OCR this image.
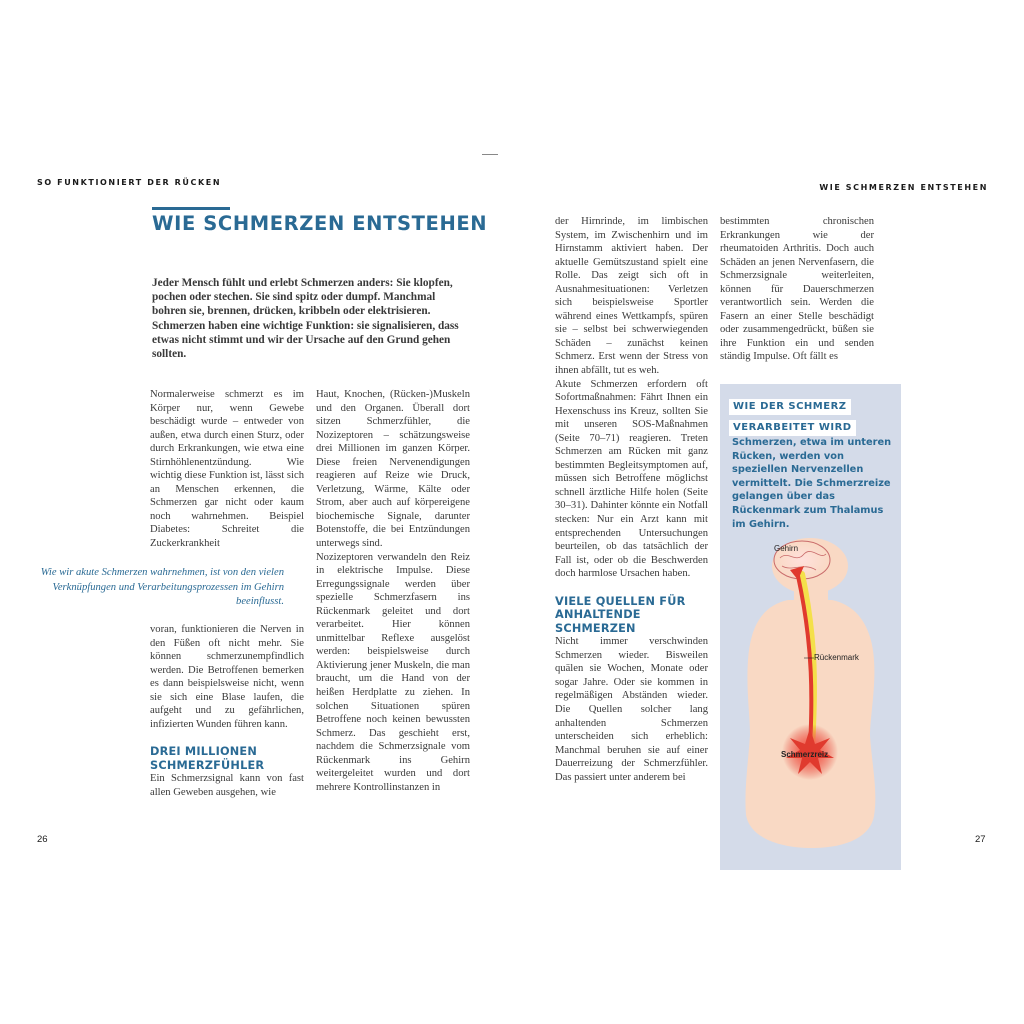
SO FUNKTIONIERT DER RÜCKEN
WIE SCHMERZEN ENTSTEHEN
Jeder Mensch fühlt und erlebt Schmerzen anders: Sie klopfen, pochen oder stechen. Sie sind spitz oder dumpf. Manchmal bohren sie, brennen, drücken, kribbeln oder elektrisieren. Schmerzen haben eine wichtige Funktion: sie signalisieren, dass etwas nicht stimmt und wir der Ursache auf den Grund gehen sollten.

Normalerweise schmerzt es im Körper nur, wenn Gewebe beschädigt wurde – entweder von außen, etwa durch einen Sturz, oder durch Erkrankungen, wie etwa eine Stirnhöhlenentzündung. Wie wichtig diese Funktion ist, lässt sich an Menschen erkennen, die Schmerzen gar nicht oder kaum noch wahrnehmen. Beispiel Diabetes: Schreitet die Zuckerkrankheit

Wie wir akute Schmerzen wahrnehmen, ist von den vielen Verknüpfungen und Verarbeitungsprozessen im Gehirn beeinflusst.

voran, funktionieren die Nerven in den Füßen oft nicht mehr. Sie können schmerzunempfindlich werden. Die Betroffenen bemerken es dann beispielsweise nicht, wenn sie sich eine Blase laufen, die aufgeht und zu gefährlichen, infizierten Wunden führen kann.

DREI MILLIONEN SCHMERZFÜHLER

Ein Schmerzsignal kann von fast allen Geweben ausgehen, wie

Haut, Knochen, (Rücken-)Muskeln und den Organen. Überall dort sitzen Schmerzfühler, die Nozizeptoren – schätzungsweise drei Millionen im ganzen Körper. Diese freien Nervenendigungen reagieren auf Reize wie Druck, Verletzung, Wärme, Kälte oder Strom, aber auch auf körpereigene biochemische Signale, darunter Botenstoffe, die bei Entzündungen unterwegs sind.

Nozizeptoren verwandeln den Reiz in elektrische Impulse. Diese Erregungssignale werden über spezielle Schmerzfasern ins Rückenmark geleitet und dort verarbeitet. Hier können unmittelbar Reflexe ausgelöst werden: beispielsweise durch Aktivierung jener Muskeln, die man braucht, um die Hand von der heißen Herdplatte zu ziehen. In solchen Situationen spüren Betroffene noch keinen bewussten Schmerz. Das geschieht erst, nachdem die Schmerzsignale vom Rückenmark ins Gehirn weitergeleitet wurden und dort mehrere Kontrollinstanzen in

26
WIE SCHMERZEN ENTSTEHEN

der Hirnrinde, im limbischen System, im Zwischenhirn und im Hirnstamm aktiviert haben. Der aktuelle Gemütszustand spielt eine Rolle. Das zeigt sich oft in Ausnahmesituationen: Verletzen sich beispielsweise Sportler während eines Wettkampfs, spüren sie – selbst bei schwerwiegenden Schäden – zunächst keinen Schmerz. Erst wenn der Stress von ihnen abfällt, tut es weh.

Akute Schmerzen erfordern oft Sofortmaßnahmen: Fährt Ihnen ein Hexenschuss ins Kreuz, sollten Sie mit unseren SOS-Maßnahmen (Seite 70–71) reagieren. Treten Schmerzen am Rücken mit ganz bestimmten Begleitsymptomen auf, müssen sich Betroffene möglichst schnell ärztliche Hilfe holen (Seite 30–31). Dahinter könnte ein Notfall stecken: Nur ein Arzt kann mit entsprechenden Untersuchungen beurteilen, ob das tatsächlich der Fall ist, oder ob die Beschwerden doch harmlose Ursachen haben.

VIELE QUELLEN FÜR ANHALTENDE SCHMERZEN

Nicht immer verschwinden Schmerzen wieder. Bisweilen quälen sie Wochen, Monate oder sogar Jahre. Oder sie kommen in regelmäßigen Abständen wieder. Die Quellen solcher lang anhaltenden Schmerzen unterscheiden sich erheblich: Manchmal beruhen sie auf einer Dauerreizung der Schmerzfühler. Das passiert unter anderem bei

bestimmten chronischen Erkrankungen wie der rheumatoiden Arthritis. Doch auch Schäden an jenen Nervenfasern, die Schmerzsignale weiterleiten, können für Dauerschmerzen verantwortlich sein. Werden die Fasern an einer Stelle beschädigt oder zusammengedrückt, büßen sie ihre Funktion ein und senden ständig Impulse. Oft fällt es

WIE DER SCHMERZ
VERARBEITET WIRD
Schmerzen, etwa im unteren Rücken, werden von speziellen Nervenzellen vermittelt. Die Schmerzreize gelangen über das Rückenmark zum Thalamus im Gehirn.
Gehirn
Rückenmark
Schmerzreiz
27
